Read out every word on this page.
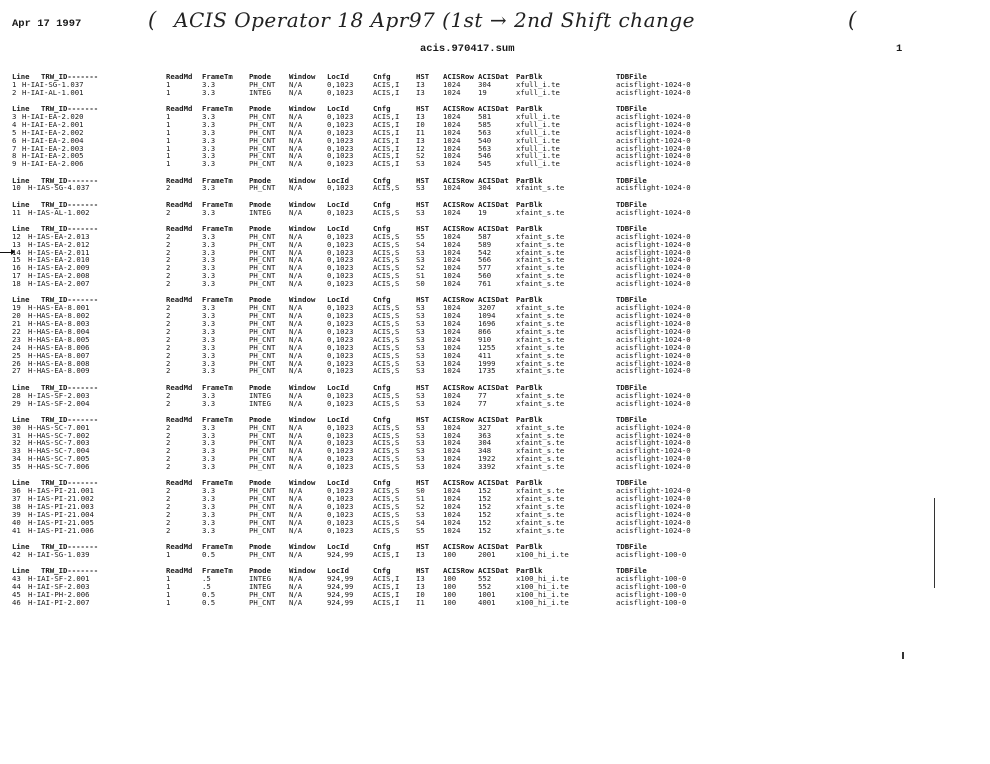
Apr 17 1997
acis.970417.sum	1
( ACIS Operator 18 Apr97 (1st → 2nd Shift change	(
Line TRW_ID-------	ReadMd FrameTm Pmode Window LocId	Cnfg	HST ACISRow ACISDat ParBlk	TDBFile
1 H-IAI-SG-1.037	1	3.3	PH_CNT N/A	0,1023	ACIS,I I3 1024 304	xfull_i.te	acisflight-1024-0
2 H-IAI-AL-1.001	1	3.3	INTEG N/A	0,1023	ACIS,I I3 1024 19	xfull_i.te	acisflight-1024-0
Line TRW_ID-------	ReadMd FrameTm Pmode Window LocId	Cnfg	HST ACISRow ACISDat ParBlk	TDBFile
3 H-IAI-EA-2.020	1	3.3	PH_CNT N/A	0,1023	ACIS,I I3 1024 581	xfull_i.te	acisflight-1024-0
4 H-IAI-EA-2.001	1	3.3	PH_CNT N/A	0,1023	ACIS,I I0 1024 585	xfull_i.te	acisflight-1024-0
5 H-IAI-EA-2.002	1	3.3	PH_CNT N/A	0,1023	ACIS,I I1 1024 563	xfull_i.te	acisflight-1024-0
6 H-IAI-EA-2.004	1	3.3	PH_CNT N/A	0,1023	ACIS,I I3 1024 540	xfull_i.te	acisflight-1024-0
7 H-IAI-EA-2.003	1	3.3	PH_CNT N/A	0,1023	ACIS,I I2 1024 563	xfull_i.te	acisflight-1024-0
8 H-IAI-EA-2.005	1	3.3	PH_CNT N/A	0,1023	ACIS,I S2 1024 546	xfull_i.te	acisflight-1024-0
9 H-IAI-EA-2.006	1	3.3	PH_CNT N/A	0,1023	ACIS,I S3 1024 545	xfull_i.te	acisflight-1024-0
Line TRW_ID-------	ReadMd FrameTm Pmode Window LocId	Cnfg	HST ACISRow ACISDat ParBlk	TDBFile
10 H-IAS-SG-4.037	2	3.3	PH_CNT N/A	0,1023	ACIS,S S3 1024 304	xfaint_s.te	acisflight-1024-0
Line TRW_ID-------	ReadMd FrameTm Pmode Window LocId	Cnfg	HST ACISRow ACISDat ParBlk	TDBFile
11 H-IAS-AL-1.002	2	3.3	INTEG N/A	0,1023	ACIS,S S3 1024 19	xfaint_s.te	acisflight-1024-0
Line TRW_ID-------	ReadMd FrameTm Pmode Window LocId	Cnfg	HST ACISRow ACISDat ParBlk	TDBFile
12 H-IAS-EA-2.013	2	3.3	PH_CNT N/A	0,1023	ACIS,S S5 1024 587	xfaint_s.te	acisflight-1024-0
13 H-IAS-EA-2.012	2	3.3	PH_CNT N/A	0,1023	ACIS,S S4 1024 589	xfaint_s.te	acisflight-1024-0
14 H-IAS-EA-2.011	2	3.3	PH_CNT N/A	0,1023	ACIS,S S3 1024 542	xfaint_s.te	acisflight-1024-0
15 H-IAS-EA-2.010	2	3.3	PH_CNT N/A	0,1023	ACIS,S S3 1024 566	xfaint_s.te	acisflight-1024-0
16 H-IAS-EA-2.009	2	3.3	PH_CNT N/A	0,1023	ACIS,S S2 1024 577	xfaint_s.te	acisflight-1024-0
17 H-IAS-EA-2.008	2	3.3	PH_CNT N/A	0,1023	ACIS,S S1 1024 560	xfaint_s.te	acisflight-1024-0
18 H-IAS-EA-2.007	2	3.3	PH_CNT N/A	0,1023	ACIS,S S0 1024 761	xfaint_s.te	acisflight-1024-0
Line TRW_ID-------	ReadMd FrameTm Pmode Window LocId	Cnfg	HST ACISRow ACISDat ParBlk	TDBFile
19 H-HAS-EA-8.001	2	3.3	PH_CNT N/A	0,1023	ACIS,S S3 1024 3207	xfaint_s.te	acisflight-1024-0
20 H-HAS-EA-8.002	2	3.3	PH_CNT N/A	0,1023	ACIS,S S3 1024 1094	xfaint_s.te	acisflight-1024-0
21 H-HAS-EA-8.003	2	3.3	PH_CNT N/A	0,1023	ACIS,S S3 1024 1696	xfaint_s.te	acisflight-1024-0
22 H-HAS-EA-8.004	2	3.3	PH_CNT N/A	0,1023	ACIS,S S3 1024 866	xfaint_s.te	acisflight-1024-0
23 H-HAS-EA-8.005	2	3.3	PH_CNT N/A	0,1023	ACIS,S S3 1024 910	xfaint_s.te	acisflight-1024-0
24 H-HAS-EA-8.006	2	3.3	PH_CNT N/A	0,1023	ACIS,S S3 1024 1255	xfaint_s.te	acisflight-1024-0
25 H-HAS-EA-8.007	2	3.3	PH_CNT N/A	0,1023	ACIS,S S3 1024 411	xfaint_s.te	acisflight-1024-0
26 H-HAS-EA-8.008	2	3.3	PH_CNT N/A	0,1023	ACIS,S S3 1024 1999	xfaint_s.te	acisflight-1024-0
27 H-HAS-EA-8.009	2	3.3	PH_CNT N/A	0,1023	ACIS,S S3 1024 1735	xfaint_s.te	acisflight-1024-0
Line TRW_ID-------	ReadMd FrameTm Pmode Window LocId	Cnfg	HST ACISRow ACISDat ParBlk	TDBFile
28 H-IAS-SF-2.003	2	3.3	INTEG N/A	0,1023	ACIS,S S3 1024 77	xfaint_s.te	acisflight-1024-0
29 H-IAS-SF-2.004	2	3.3	INTEG N/A	0,1023	ACIS,S S3 1024 77	xfaint_s.te	acisflight-1024-0
Line TRW_ID-------	ReadMd FrameTm Pmode Window LocId	Cnfg	HST ACISRow ACISDat ParBlk	TDBFile
30 H-HAS-SC-7.001	2	3.3	PH_CNT N/A	0,1023	ACIS,S S3 1024 327	xfaint_s.te	acisflight-1024-0
31 H-HAS-SC-7.002	2	3.3	PH_CNT N/A	0,1023	ACIS,S S3 1024 363	xfaint_s.te	acisflight-1024-0
32 H-HAS-SC-7.003	2	3.3	PH_CNT N/A	0,1023	ACIS,S S3 1024 304	xfaint_s.te	acisflight-1024-0
33 H-HAS-SC-7.004	2	3.3	PH_CNT N/A	0,1023	ACIS,S S3 1024 348	xfaint_s.te	acisflight-1024-0
34 H-HAS-SC-7.005	2	3.3	PH_CNT N/A	0,1023	ACIS,S S3 1024 1922	xfaint_s.te	acisflight-1024-0
35 H-HAS-SC-7.006	2	3.3	PH_CNT N/A	0,1023	ACIS,S S3 1024 3392	xfaint_s.te	acisflight-1024-0
Line TRW_ID-------	ReadMd FrameTm Pmode Window LocId	Cnfg	HST ACISRow ACISDat ParBlk	TDBFile
36 H-IAS-PI-21.001	2	3.3	PH_CNT N/A	0,1023	ACIS,S S0 1024 152	xfaint_s.te	acisflight-1024-0
37 H-IAS-PI-21.002	2	3.3	PH_CNT N/A	0,1023	ACIS,S S1 1024 152	xfaint_s.te	acisflight-1024-0
38 H-IAS-PI-21.003	2	3.3	PH_CNT N/A	0,1023	ACIS,S S2 1024 152	xfaint_s.te	acisflight-1024-0
39 H-IAS-PI-21.004	2	3.3	PH_CNT N/A	0,1023	ACIS,S S3 1024 152	xfaint_s.te	acisflight-1024-0
40 H-IAS-PI-21.005	2	3.3	PH_CNT N/A	0,1023	ACIS,S S4 1024 152	xfaint_s.te	acisflight-1024-0
41 H-IAS-PI-21.006	2	3.3	PH_CNT N/A	0,1023	ACIS,S S5 1024 152	xfaint_s.te	acisflight-1024-0
Line TRW_ID-------	ReadMd FrameTm Pmode Window LocId	Cnfg	HST ACISRow ACISDat ParBlk	TDBFile
42 H-IAI-SG-1.039	1	0.5	PH_CNT N/A	924,99	ACIS,I I3 100	2001	x100_hi_i.te	acisflight-100-0
Line TRW_ID-------	ReadMd FrameTm Pmode Window LocId	Cnfg	HST ACISRow ACISDat ParBlk	TDBFile
43 H-IAI-SF-2.001	1	.5	INTEG N/A	924,99	ACIS,I I3 100	552	x100_hi_i.te	acisflight-100-0
44 H-IAI-SF-2.003	1	.5	INTEG N/A	924,99	ACIS,I I3 100	552	x100_hi_i.te	acisflight-100-0
45 H-IAI-PH-2.006	1	0.5	PH_CNT N/A	924,99	ACIS,I I0 100	1001	x100_hi_i.te	acisflight-100-0
46 H-IAI-PI-2.007	1	0.5	PH_CNT N/A	924,99	ACIS,I I1 100	4001	x100_hi_i.te	acisflight-100-0
